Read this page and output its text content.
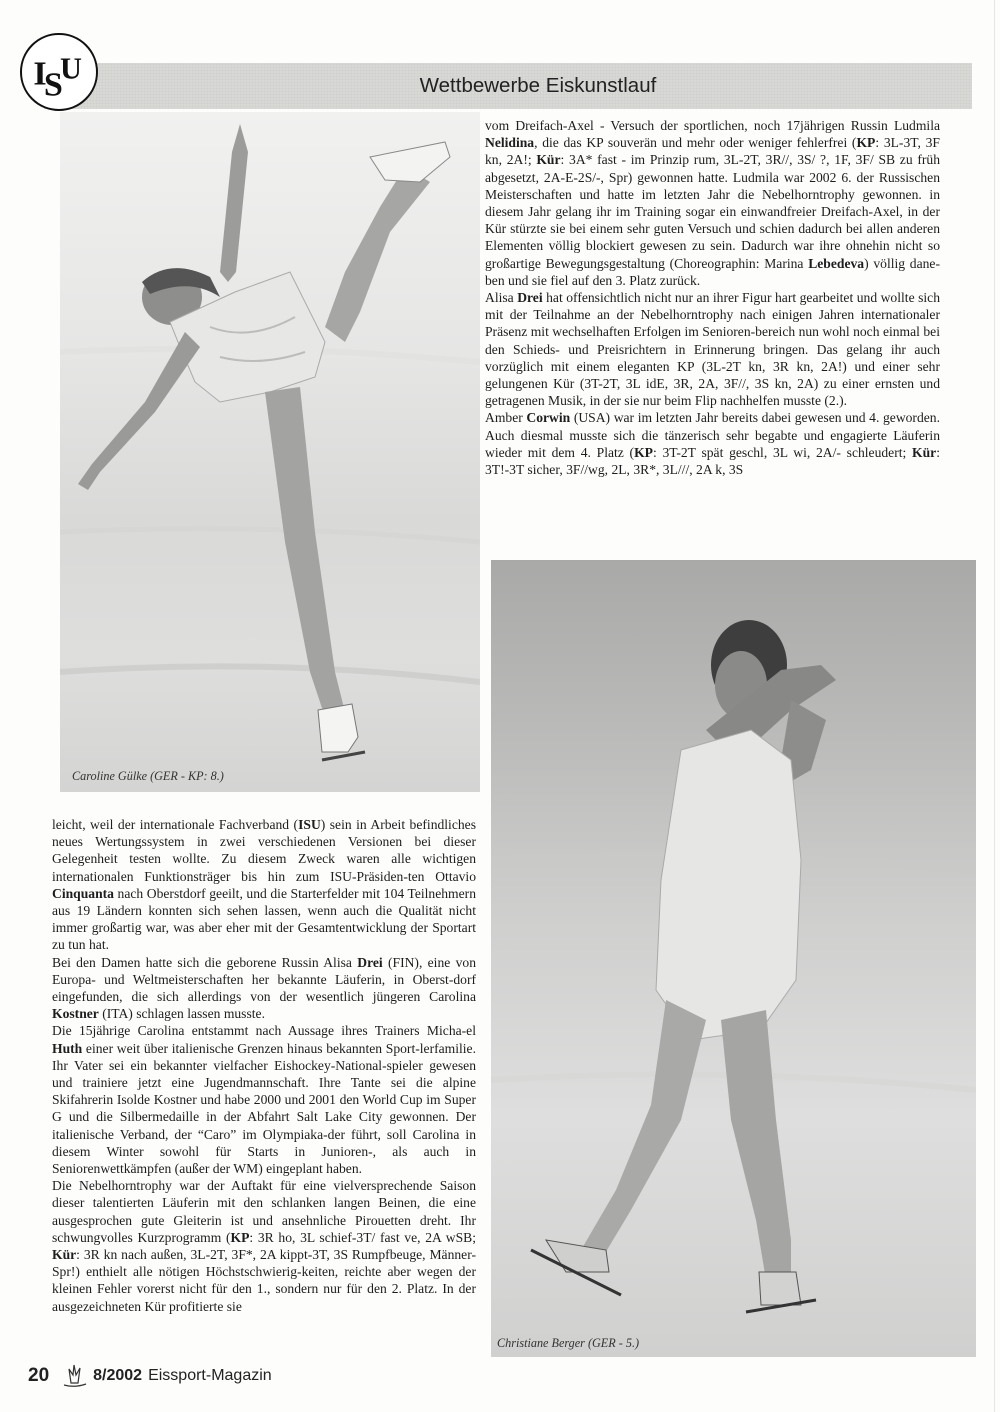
I
S
U	Wettbewerbe Eiskunstlauf
Caroline Gülke (GER - KP: 8.)
Christiane Berger (GER - 5.)

vom Dreifach-Axel - Versuch der sportlichen, noch 17jährigen Russin Ludmila Nelidina, die das KP souverän und mehr oder weniger fehlerfrei (KP: 3L-3T, 3F kn, 2A!; Kür: 3A* fast - im Prinzip rum, 3L-2T, 3R//, 3S/ ?, 1F, 3F/ SB zu früh abgesetzt, 2A-E-2S/-, Spr) gewonnen hatte. Ludmila war 2002 6. der Russischen Meisterschaften und hatte im letzten Jahr die Nebelhorntrophy gewonnen. in diesem Jahr gelang ihr im Training sogar ein einwandfreier Dreifach-Axel, in der Kür stürzte sie bei einem sehr guten Versuch und schien dadurch bei allen anderen Elementen völlig blockiert gewesen zu sein. Dadurch war ihre ohnehin nicht so großartige Bewegungsgestaltung (Choreographin: Marina Lebedeva) völlig dane-ben und sie fiel auf den 3. Platz zurück.

Alisa Drei hat offensichtlich nicht nur an ihrer Figur hart gearbeitet und wollte sich mit der Teilnahme an der Nebelhorntrophy nach einigen Jahren internationaler Präsenz mit wechselhaften Erfolgen im Senioren-bereich nun wohl noch einmal bei den Schieds- und Preisrichtern in Erinnerung bringen. Das gelang ihr auch vorzüglich mit einem eleganten KP (3L-2T kn, 3R kn, 2A!) und einer sehr gelungenen Kür (3T-2T, 3L idE, 3R, 2A, 3F//, 3S kn, 2A) zu einer ernsten und getragenen Musik, in der sie nur beim Flip nachhelfen musste (2.).

Amber Corwin (USA) war im letzten Jahr bereits dabei gewesen und 4. geworden. Auch diesmal musste sich die tänzerisch sehr begabte und engagierte Läuferin wieder mit dem 4. Platz (KP: 3T-2T spät geschl, 3L wi, 2A/- schleudert; Kür: 3T!-3T sicher, 3F//wg, 2L, 3R*, 3L///, 2A k, 3S

leicht, weil der internationale Fachverband (ISU) sein in Arbeit befindliches neues Wertungssystem in zwei verschiedenen Versionen bei dieser Gelegenheit testen wollte. Zu diesem Zweck waren alle wichtigen internationalen Funktionsträger bis hin zum ISU-Präsiden-ten Ottavio Cinquanta nach Oberstdorf geeilt, und die Starterfelder mit 104 Teilnehmern aus 19 Ländern konnten sich sehen lassen, wenn auch die Qualität nicht immer großartig war, was aber eher mit der Gesamtentwicklung der Sportart zu tun hat.

Bei den Damen hatte sich die geborene Russin Alisa Drei (FIN), eine von Europa- und Weltmeisterschaften her bekannte Läuferin, in Oberst-dorf eingefunden, die sich allerdings von der wesentlich jüngeren Carolina Kostner (ITA) schlagen lassen musste.

Die 15jährige Carolina entstammt nach Aussage ihres Trainers Micha-el Huth einer weit über italienische Grenzen hinaus bekannten Sport-lerfamilie. Ihr Vater sei ein bekannter vielfacher Eishockey-National-spieler gewesen und trainiere jetzt eine Jugendmannschaft. Ihre Tante sei die alpine Skifahrerin Isolde Kostner und habe 2000 und 2001 den World Cup im Super G und die Silbermedaille in der Abfahrt Salt Lake City gewonnen. Der italienische Verband, der “Caro” im Olympiaka-der führt, soll Carolina in diesem Winter sowohl für Starts in Junioren-, als auch in Seniorenwettkämpfen (außer der WM) eingeplant haben.

Die Nebelhorntrophy war der Auftakt für eine vielversprechende Saison dieser talentierten Läuferin mit den schlanken langen Beinen, die eine ausgesprochen gute Gleiterin ist und ansehnliche Pirouetten dreht. Ihr schwungvolles Kurzprogramm (KP: 3R ho, 3L schief-3T/ fast ve, 2A wSB; Kür: 3R kn nach außen, 3L-2T, 3F*, 2A kippt-3T, 3S Rumpfbeuge, Männer-Spr!) enthielt alle nötigen Höchstschwierig-keiten, reichte aber wegen der kleinen Fehler vorerst nicht für den 1., sondern nur für den 2. Platz. In der ausgezeichneten Kür profitierte sie

20	8/2002 Eissport-Magazin
